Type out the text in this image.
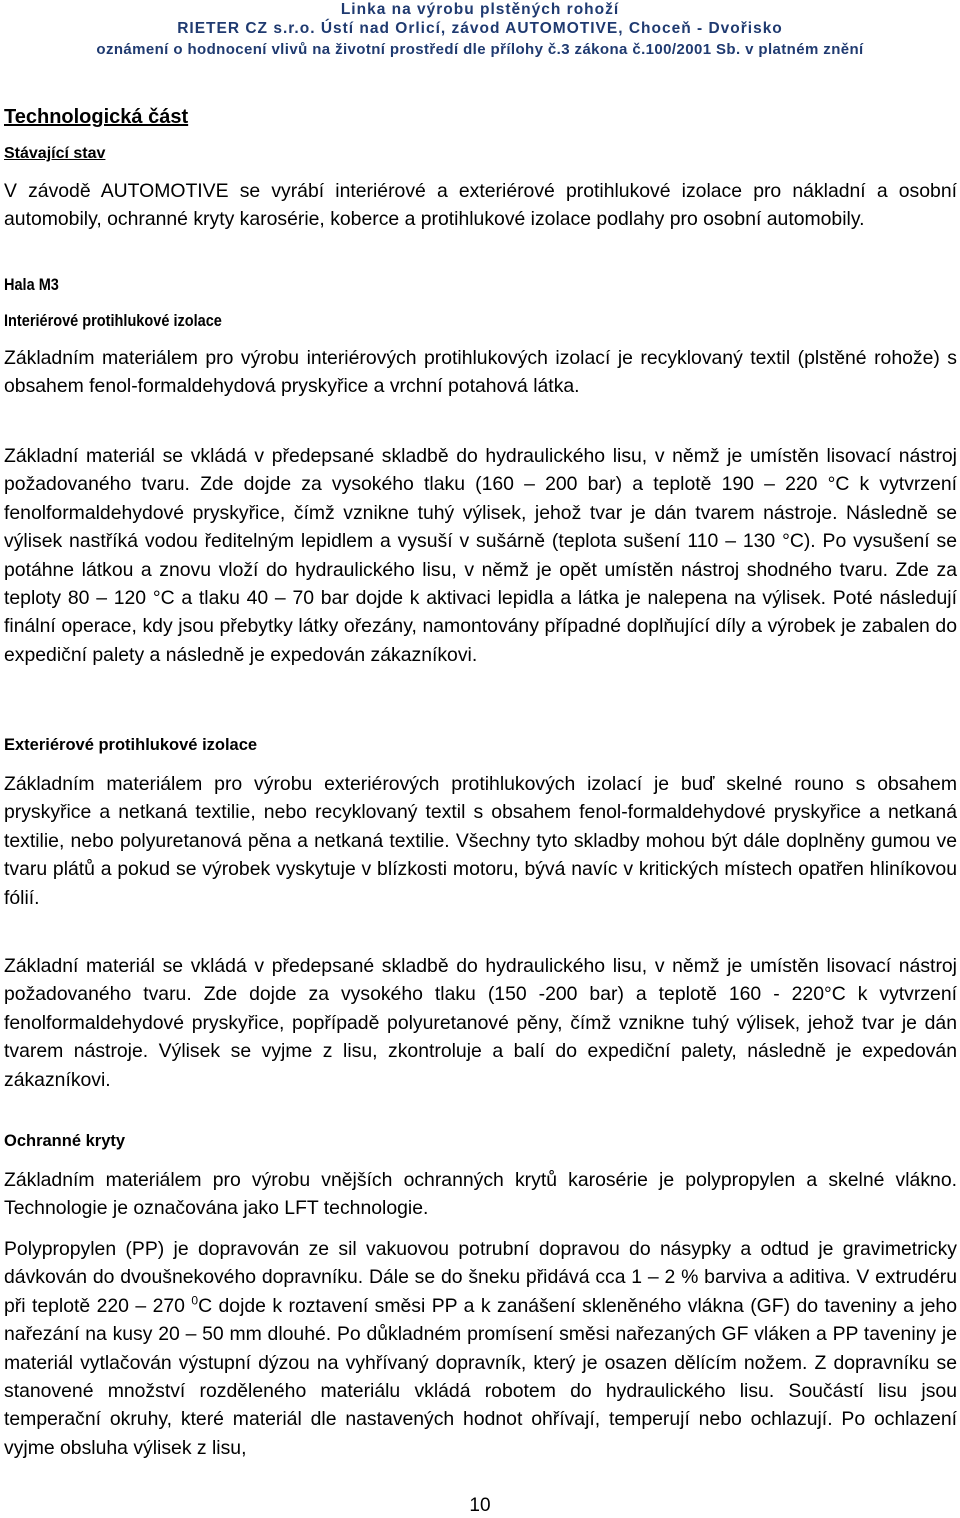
Linka na výrobu plstěných rohoží
RIETER CZ s.r.o. Ústí nad Orlicí, závod AUTOMOTIVE, Choceň - Dvořisko
oznámení o hodnocení vlivů na životní prostředí dle přílohy č.3 zákona č.100/2001 Sb. v platném znění
Technologická část
Stávající stav

V závodě AUTOMOTIVE se vyrábí interiérové a exteriérové protihlukové izolace pro nákladní a osobní automobily, ochranné kryty karosérie, koberce a protihlukové izolace podlahy pro osobní automobily.

Hala M3
Interiérové protihlukové izolace

Základním materiálem pro výrobu interiérových protihlukových izolací je recyklovaný textil (plstěné rohože) s obsahem fenol-formaldehydová pryskyřice a vrchní potahová látka.

Základní materiál se vkládá v předepsané skladbě do hydraulického lisu, v němž je umístěn lisovací nástroj požadovaného tvaru. Zde dojde za vysokého tlaku (160 – 200 bar) a teplotě 190 – 220 °C k vytvrzení fenolformaldehydové pryskyřice, čímž vznikne tuhý výlisek, jehož tvar je dán tvarem nástroje. Následně se výlisek nastříká vodou ředitelným lepidlem a vysuší v sušárně (teplota sušení 110 – 130 °C). Po vysušení se potáhne látkou a znovu vloží do hydraulického lisu, v němž je opět umístěn nástroj shodného tvaru. Zde za teploty 80 – 120 °C a tlaku 40 – 70 bar dojde k aktivaci lepidla a látka je nalepena na výlisek. Poté následují finální operace, kdy jsou přebytky látky ořezány, namontovány případné doplňující díly a výrobek je zabalen do expediční palety a následně je expedován zákazníkovi.

Exteriérové protihlukové izolace

Základním materiálem pro výrobu exteriérových protihlukových izolací je buď skelné rouno s obsahem pryskyřice a netkaná textilie, nebo recyklovaný textil s obsahem fenol-formaldehydové pryskyřice a netkaná textilie, nebo polyuretanová pěna a netkaná textilie. Všechny tyto skladby mohou být dále doplněny gumou ve tvaru plátů a pokud se výrobek vyskytuje v blízkosti motoru, bývá navíc v kritických místech opatřen hliníkovou fólií.

Základní materiál se vkládá v předepsané skladbě do hydraulického lisu, v němž je umístěn lisovací nástroj požadovaného tvaru. Zde dojde za vysokého tlaku (150 -200 bar) a teplotě 160 - 220°C k vytvrzení fenolformaldehydové pryskyřice, popřípadě polyuretanové pěny, čímž vznikne tuhý výlisek, jehož tvar je dán tvarem nástroje. Výlisek se vyjme z lisu, zkontroluje a balí do expediční palety, následně je expedován zákazníkovi.

Ochranné kryty

Základním materiálem pro výrobu vnějších ochranných krytů karosérie je polypropylen a skelné vlákno. Technologie je označována jako LFT technologie.

Polypropylen (PP) je dopravován ze sil vakuovou potrubní dopravou do násypky a odtud je gravimetricky dávkován do dvoušnekového dopravníku. Dále se do šneku přidává cca 1 – 2 % barviva a aditiva. V extrudéru při teplotě 220 – 270 $^0$C dojde k roztavení směsi PP a k zanášení skleněného vlákna (GF) do taveniny a jeho nařezání na kusy 20 – 50 mm dlouhé. Po důkladném promísení směsi nařezaných GF vláken a PP taveniny je materiál vytlačován výstupní dýzou na vyhřívaný dopravník, který je osazen dělícím nožem. Z dopravníku se stanovené množství rozděleného materiálu vkládá robotem do hydraulického lisu. Součástí lisu jsou temperační okruhy, které materiál dle nastavených hodnot ohřívají, temperují nebo ochlazují. Po ochlazení vyjme obsluha výlisek z lisu,

10
